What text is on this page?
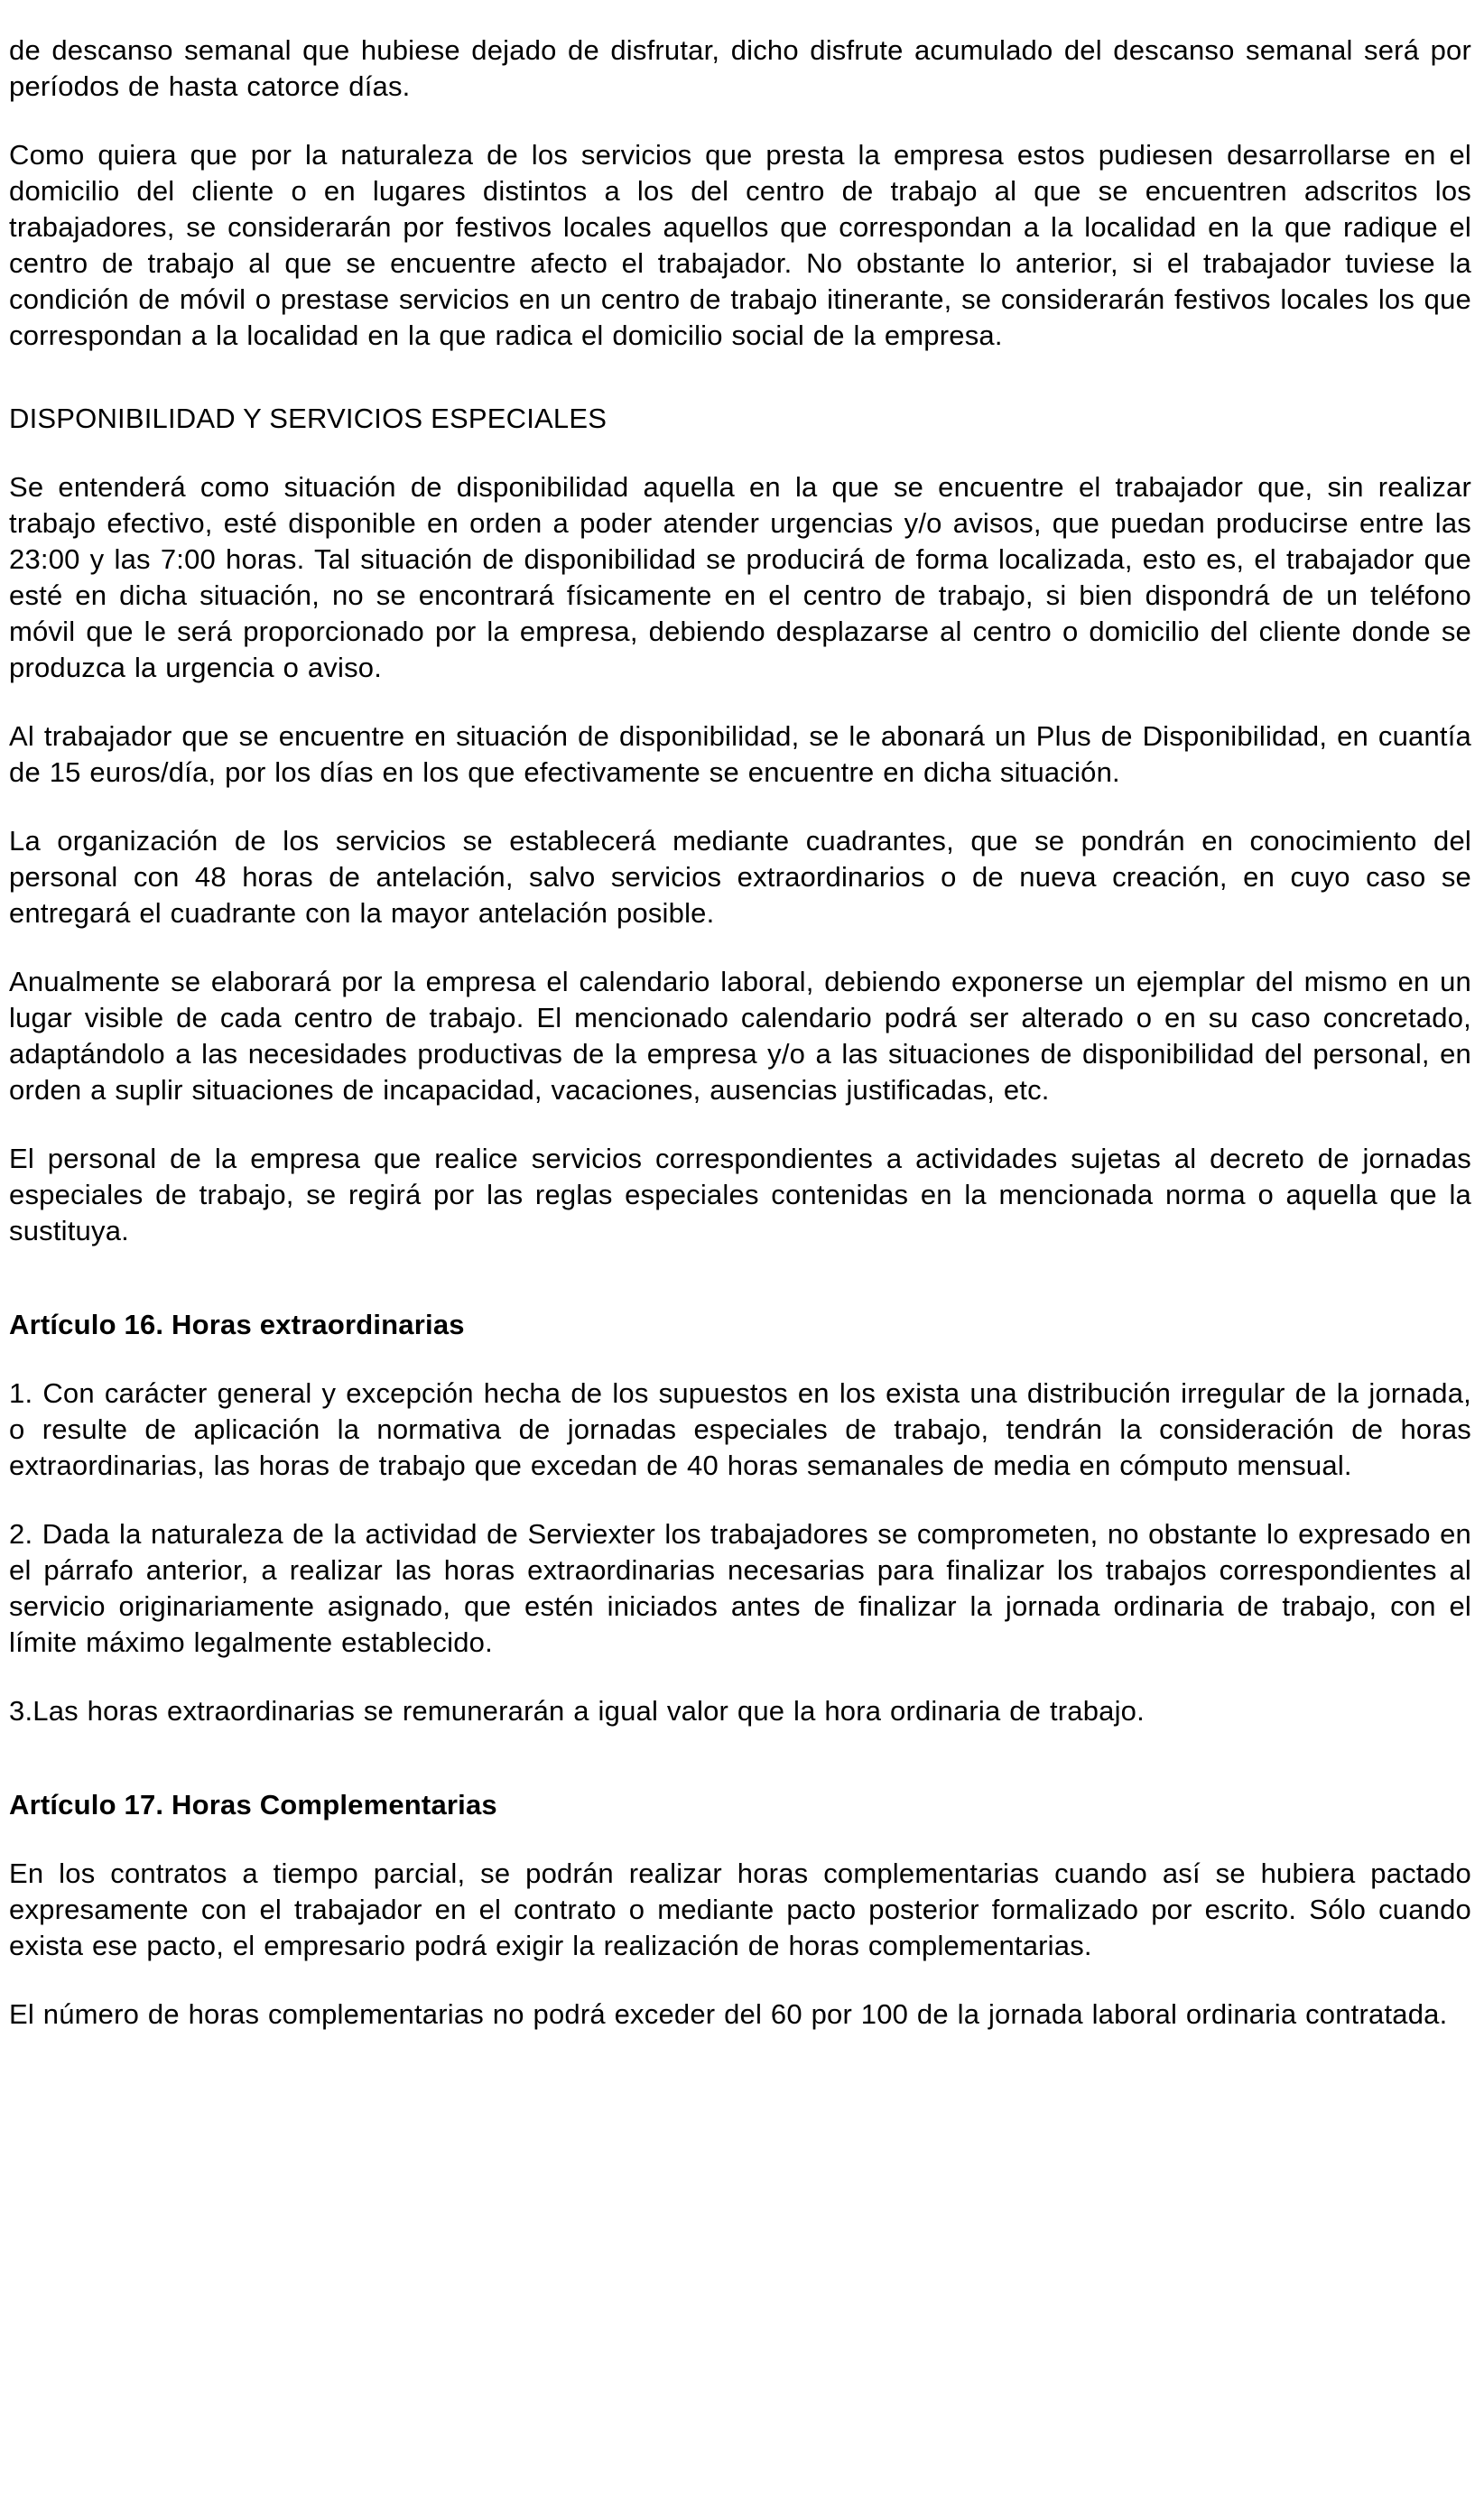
de descanso semanal que hubiese dejado de disfrutar, dicho disfrute acumulado del descanso semanal será por períodos de hasta catorce días.

Como quiera que por la naturaleza de los servicios que presta la empresa estos pudiesen desarrollarse en el domicilio del cliente o en lugares distintos a los del centro de trabajo al que se encuentren adscritos los trabajadores, se considerarán por festivos locales aquellos que correspondan a la localidad en la que radique el centro de trabajo al que se encuentre afecto el trabajador. No obstante lo anterior, si el trabajador tuviese la condición de móvil o prestase servicios en un centro de trabajo itinerante, se considerarán festivos locales los que correspondan a la localidad en la que radica el domicilio social de la empresa.

DISPONIBILIDAD Y SERVICIOS ESPECIALES

Se entenderá como situación de disponibilidad aquella en la que se encuentre el trabajador que, sin realizar trabajo efectivo, esté disponible en orden a poder atender urgencias y/o avisos, que puedan producirse entre las 23:00 y las 7:00 horas. Tal situación de disponibilidad se producirá de forma localizada, esto es, el trabajador que esté en dicha situación, no se encontrará físicamente en el centro de trabajo, si bien dispondrá de un teléfono móvil que le será proporcionado por la empresa, debiendo desplazarse al centro o domicilio del cliente donde se produzca la urgencia o aviso.

Al trabajador que se encuentre en situación de disponibilidad, se le abonará un Plus de Disponibilidad, en cuantía de 15 euros/día, por los días en los que efectivamente se encuentre en dicha situación.

La organización de los servicios se establecerá mediante cuadrantes, que se pondrán en conocimiento del personal con 48 horas de antelación, salvo servicios extraordinarios o de nueva creación, en cuyo caso se entregará el cuadrante con la mayor antelación posible.

Anualmente se elaborará por la empresa el calendario laboral, debiendo exponerse un ejemplar del mismo en un lugar visible de cada centro de trabajo. El mencionado calendario podrá ser alterado o en su caso concretado, adaptándolo a las necesidades productivas de la empresa y/o a las situaciones de disponibilidad del personal, en orden a suplir situaciones de incapacidad, vacaciones, ausencias justificadas, etc.

El personal de la empresa que realice servicios correspondientes a actividades sujetas al decreto de jornadas especiales de trabajo, se regirá por las reglas especiales contenidas en la mencionada norma o aquella que la sustituya.

Artículo 16. Horas extraordinarias

1. Con carácter general y excepción hecha de los supuestos en los exista una distribución irregular de la jornada, o resulte de aplicación la normativa de jornadas especiales de trabajo, tendrán la consideración de horas extraordinarias, las horas de trabajo que excedan de 40 horas semanales de media en cómputo mensual.

2. Dada la naturaleza de la actividad de Serviexter los trabajadores se comprometen, no obstante lo expresado en el párrafo anterior, a realizar las horas extraordinarias necesarias para finalizar los trabajos correspondientes al servicio originariamente asignado, que estén iniciados antes de finalizar la jornada ordinaria de trabajo, con el límite máximo legalmente establecido.

3.Las horas extraordinarias se remunerarán a igual valor que la hora ordinaria de trabajo.

Artículo 17. Horas Complementarias

En los contratos a tiempo parcial, se podrán realizar horas complementarias cuando así se hubiera pactado expresamente con el trabajador en el contrato o mediante pacto posterior formalizado por escrito. Sólo cuando exista ese pacto, el empresario podrá exigir la realización de horas complementarias.

El número de horas complementarias no podrá exceder del 60 por 100 de la jornada laboral ordinaria contratada.
